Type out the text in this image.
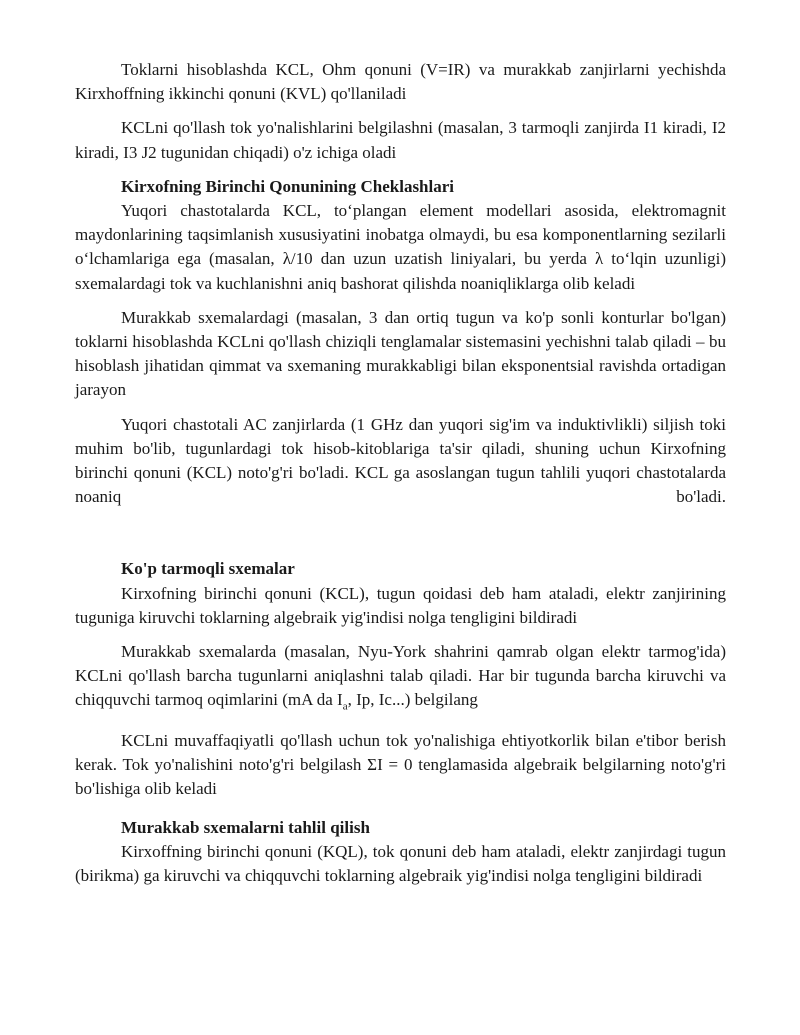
Toklarni hisoblashda KCL, Ohm qonuni (V=IR) va murakkab zanjirlarni yechishda Kirxhoffning ikkinchi qonuni (KVL) qo'llaniladi

KCLni qo'llash tok yo'nalishlarini belgilashni (masalan, 3 tarmoqli zanjirda I1 kiradi, I2 kiradi, I3 J2 tugunidan chiqadi) o'z ichiga oladi

Kirxofning Birinchi Qonunining Cheklashlari

Yuqori chastotalarda KCL, to‘plangan element modellari asosida, elektromagnit maydonlarining taqsimlanish xususiyatini inobatga olmaydi, bu esa komponentlarning sezilarli o‘lchamlariga ega (masalan, λ/10 dan uzun uzatish liniyalari, bu yerda λ to‘lqin uzunligi) sxemalardagi tok va kuchlanishni aniq bashorat qilishda noaniqliklarga olib keladi

Murakkab sxemalardagi (masalan, 3 dan ortiq tugun va ko'p sonli konturlar bo'lgan) toklarni hisoblashda KCLni qo'llash chiziqli tenglamalar sistemasini yechishni talab qiladi – bu hisoblash jihatidan qimmat va sxemaning murakkabligi bilan eksponentsial ravishda ortadigan jarayon

Yuqori chastotali AC zanjirlarda (1 GHz dan yuqori sig'im va induktivlikli) siljish toki muhim bo'lib, tugunlardagi tok hisob-kitoblariga ta'sir qiladi, shuning uchun Kirxofning birinchi qonuni (KCL) noto'g'ri bo'ladi. KCL ga asoslangan tugun tahlili yuqori chastotalarda noaniq bo'ladi.

Ko'p tarmoqli sxemalar

Kirxofning birinchi qonuni (KCL), tugun qoidasi deb ham ataladi, elektr zanjirining tuguniga kiruvchi toklarning algebraik yig'indisi nolga tengligini bildiradi

Murakkab sxemalarda (masalan, Nyu-York shahrini qamrab olgan elektr tarmog'ida) KCLni qo'llash barcha tugunlarni aniqlashni talab qiladi. Har bir tugunda barcha kiruvchi va chiqquvchi tarmoq oqimlarini (mA da $I_a$, Iр, Ic...) belgilang

KCLni muvaffaqiyatli qo'llash uchun tok yo'nalishiga ehtiyotkorlik bilan e'tibor berish kerak. Tok yo'nalishini noto'g'ri belgilash ΣI = 0 tenglamasida algebraik belgilarning noto'g'ri bo'lishiga olib keladi

Murakkab sxemalarni tahlil qilish

Kirxoffning birinchi qonuni (KQL), tok qonuni deb ham ataladi, elektr zanjirdagi tugun (birikma) ga kiruvchi va chiqquvchi toklarning algebraik yig'indisi nolga tengligini bildiradi
